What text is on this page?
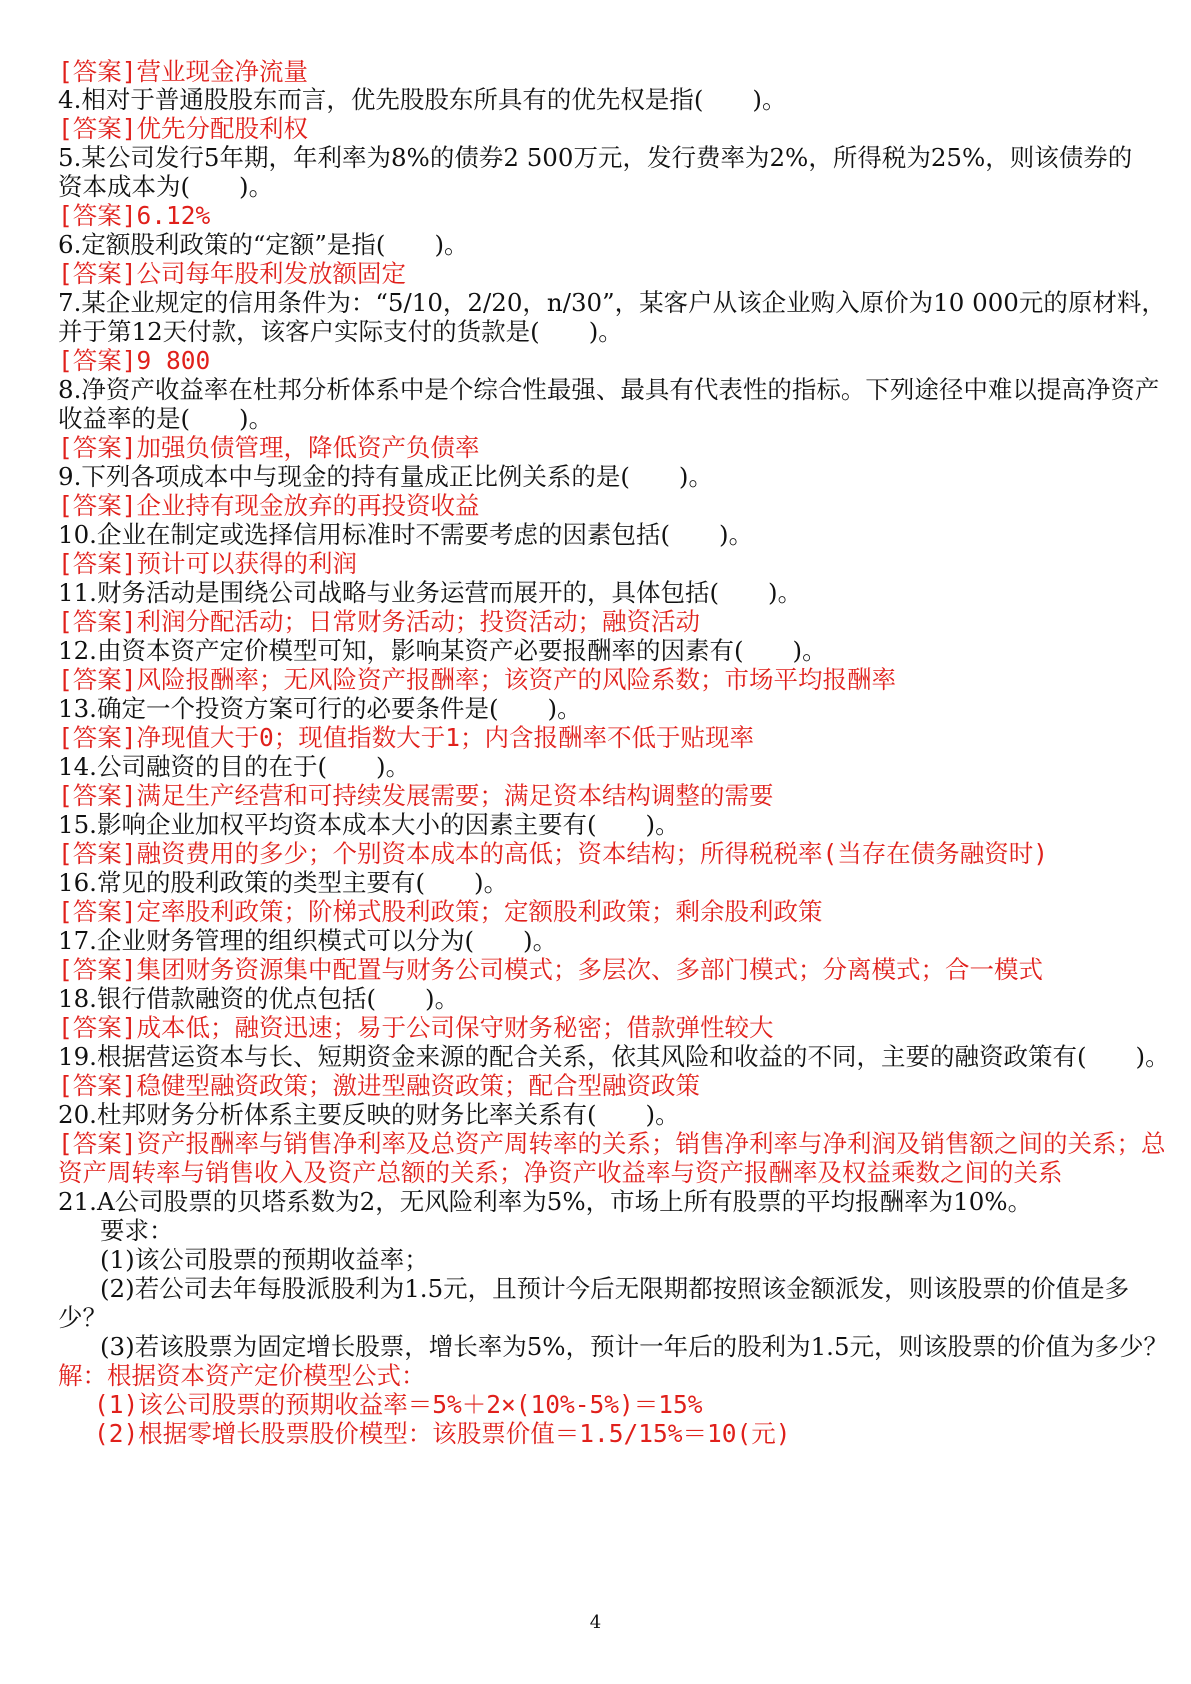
[答案]营业现金净流量
4.相对于普通股股东而言，优先股股东所具有的优先权是指(　　)。
[答案]优先分配股利权
5.某公司发行5年期，年利率为8%的债券2 500万元，发行费率为2%，所得税为25%，则该债券的
资本成本为(　　)。
[答案]6.12%
6.定额股利政策的“定额”是指(　　)。
[答案]公司每年股利发放额固定
7.某企业规定的信用条件为：“5/10，2/20，n/30”，某客户从该企业购入原价为10 000元的原材料，
并于第12天付款，该客户实际支付的货款是(　　)。
[答案]9 800
8.净资产收益率在杜邦分析体系中是个综合性最强、最具有代表性的指标。下列途径中难以提高净资产
收益率的是(　　)。
[答案]加强负债管理，降低资产负债率
9.下列各项成本中与现金的持有量成正比例关系的是(　　)。
[答案]企业持有现金放弃的再投资收益
10.企业在制定或选择信用标准时不需要考虑的因素包括(　　)。
[答案]预计可以获得的利润
11.财务活动是围绕公司战略与业务运营而展开的，具体包括(　　)。
[答案]利润分配活动；日常财务活动；投资活动；融资活动
12.由资本资产定价模型可知，影响某资产必要报酬率的因素有(　　)。
[答案]风险报酬率；无风险资产报酬率；该资产的风险系数；市场平均报酬率
13.确定一个投资方案可行的必要条件是(　　)。
[答案]净现值大于0；现值指数大于1；内含报酬率不低于贴现率
14.公司融资的目的在于(　　)。
[答案]满足生产经营和可持续发展需要；满足资本结构调整的需要
15.影响企业加权平均资本成本大小的因素主要有(　　)。
[答案]融资费用的多少；个别资本成本的高低；资本结构；所得税税率(当存在债务融资时)
16.常见的股利政策的类型主要有(　　)。
[答案]定率股利政策；阶梯式股利政策；定额股利政策；剩余股利政策
17.企业财务管理的组织模式可以分为(　　)。
[答案]集团财务资源集中配置与财务公司模式；多层次、多部门模式；分离模式；合一模式
18.银行借款融资的优点包括(　　)。
[答案]成本低；融资迅速；易于公司保守财务秘密；借款弹性较大
19.根据营运资本与长、短期资金来源的配合关系，依其风险和收益的不同，主要的融资政策有(　　)。
[答案]稳健型融资政策；激进型融资政策；配合型融资政策
20.杜邦财务分析体系主要反映的财务比率关系有(　　)。
[答案]资产报酬率与销售净利率及总资产周转率的关系；销售净利率与净利润及销售额之间的关系；总
资产周转率与销售收入及资产总额的关系；净资产收益率与资产报酬率及权益乘数之间的关系
21.A公司股票的贝塔系数为2，无风险利率为5%，市场上所有股票的平均报酬率为10%。
要求：
(1)该公司股票的预期收益率；
(2)若公司去年每股派股利为1.5元，且预计今后无限期都按照该金额派发，则该股票的价值是多
少？
(3)若该股票为固定增长股票，增长率为5%，预计一年后的股利为1.5元，则该股票的价值为多少？
解：根据资本资产定价模型公式：
(1)该公司股票的预期收益率＝5%＋2×(10%-5%)＝15%
(2)根据零增长股票股价模型：该股票价值＝1.5/15%＝10(元)
4
